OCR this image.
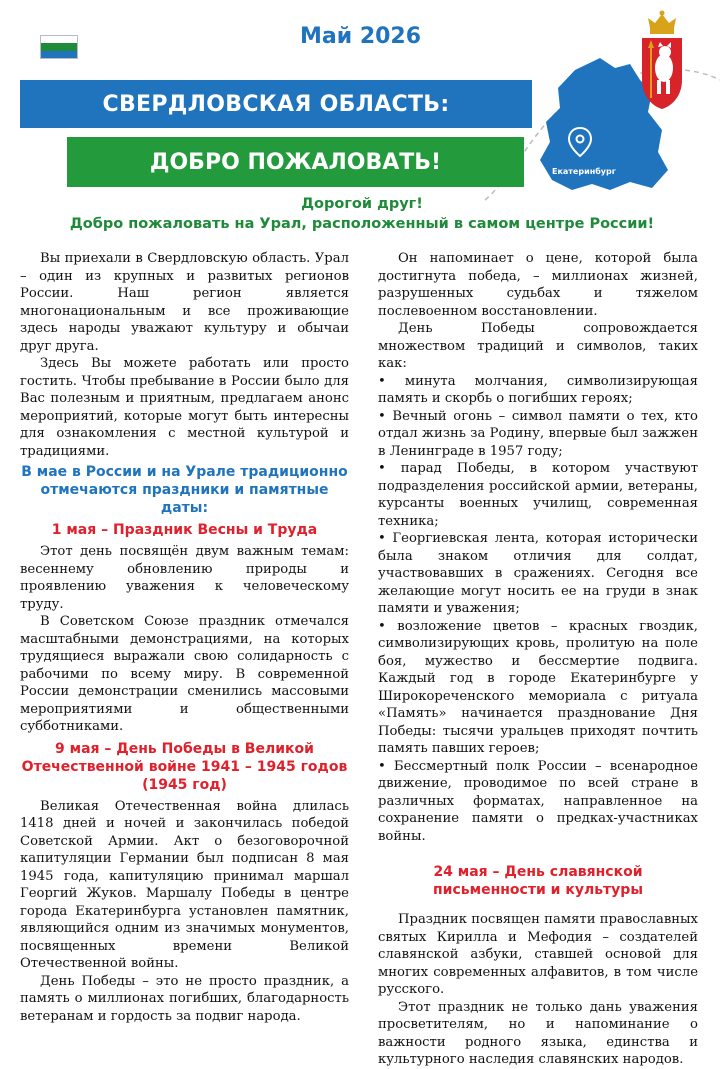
Май 2026
Екатеринбург
СВЕРДЛОВСКАЯ ОБЛАСТЬ:
ДОБРО ПОЖАЛОВАТЬ!
Дорогой друг!
Добро пожаловать на Урал, расположенный в самом центре России!

Вы приехали в Свердловскую область. Урал – один из крупных и развитых регионов России. Наш регион является многонациональным и все проживающие здесь народы уважают культуру и обычаи друг друга.

Здесь Вы можете работать или просто гостить. Чтобы пребывание в России было для Вас полезным и приятным, предлагаем анонс мероприятий, которые могут быть интересны для ознакомления с местной культурой и традициями.

В мае в России и на Урале традиционно отмечаются праздники и памятные даты:
1 мая – Праздник Весны и Труда

Этот день посвящён двум важным темам: весеннему обновлению природы и проявлению уважения к человеческому труду.

В Советском Союзе праздник отмечался масштабными демонстрациями, на которых трудящиеся выражали свою солидарность с рабочими по всему миру. В современной России демонстрации сменились массовыми мероприятиями и общественными субботниками.

9 мая – День Победы в Великой Отечественной войне 1941 – 1945 годов (1945 год)

Великая Отечественная война длилась 1418 дней и ночей и закончилась победой Советской Армии. Акт о безоговорочной капитуляции Германии был подписан 8 мая 1945 года, капитуляцию принимал маршал Георгий Жуков. Маршалу Победы в центре города Екатеринбурга установлен памятник, являющийся одним из значимых монументов, посвященных времени Великой Отечественной войны.

День Победы – это не просто праздник, а память о миллионах погибших, благодарность ветеранам и гордость за подвиг народа.

Он напоминает о цене, которой была достигнута победа, – миллионах жизней, разрушенных судьбах и тяжелом послевоенном восстановлении.

День Победы сопровождается множеством традиций и символов, таких как:

• минута молчания, символизирующая память и скорбь о погибших героях;

• Вечный огонь – символ памяти о тех, кто отдал жизнь за Родину, впервые был зажжен в Ленинграде в 1957 году;

• парад Победы, в котором участвуют подразделения российской армии, ветераны, курсанты военных училищ, современная техника;

• Георгиевская лента, которая исторически была знаком отличия для солдат, участвовавших в сражениях. Сегодня все желающие могут носить ее на груди в знак памяти и уважения;

• возложение цветов – красных гвоздик, символизирующих кровь, пролитую на поле боя, мужество и бессмертие подвига. Каждый год в городе Екатеринбурге у Широкореченского мемориала с ритуала «Память» начинается празднование Дня Победы: тысячи уральцев приходят почтить память павших героев;

• Бессмертный полк России – всенародное движение, проводимое по всей стране в различных форматах, направленное на сохранение памяти о предках-участниках войны.

24 мая – День славянской письменности и культуры

Праздник посвящен памяти православных святых Кирилла и Мефодия – создателей славянской азбуки, ставшей основой для многих современных алфавитов, в том числе русского.

Этот праздник не только дань уважения просветителям, но и напоминание о важности родного языка, единства и культурного наследия славянских народов.
